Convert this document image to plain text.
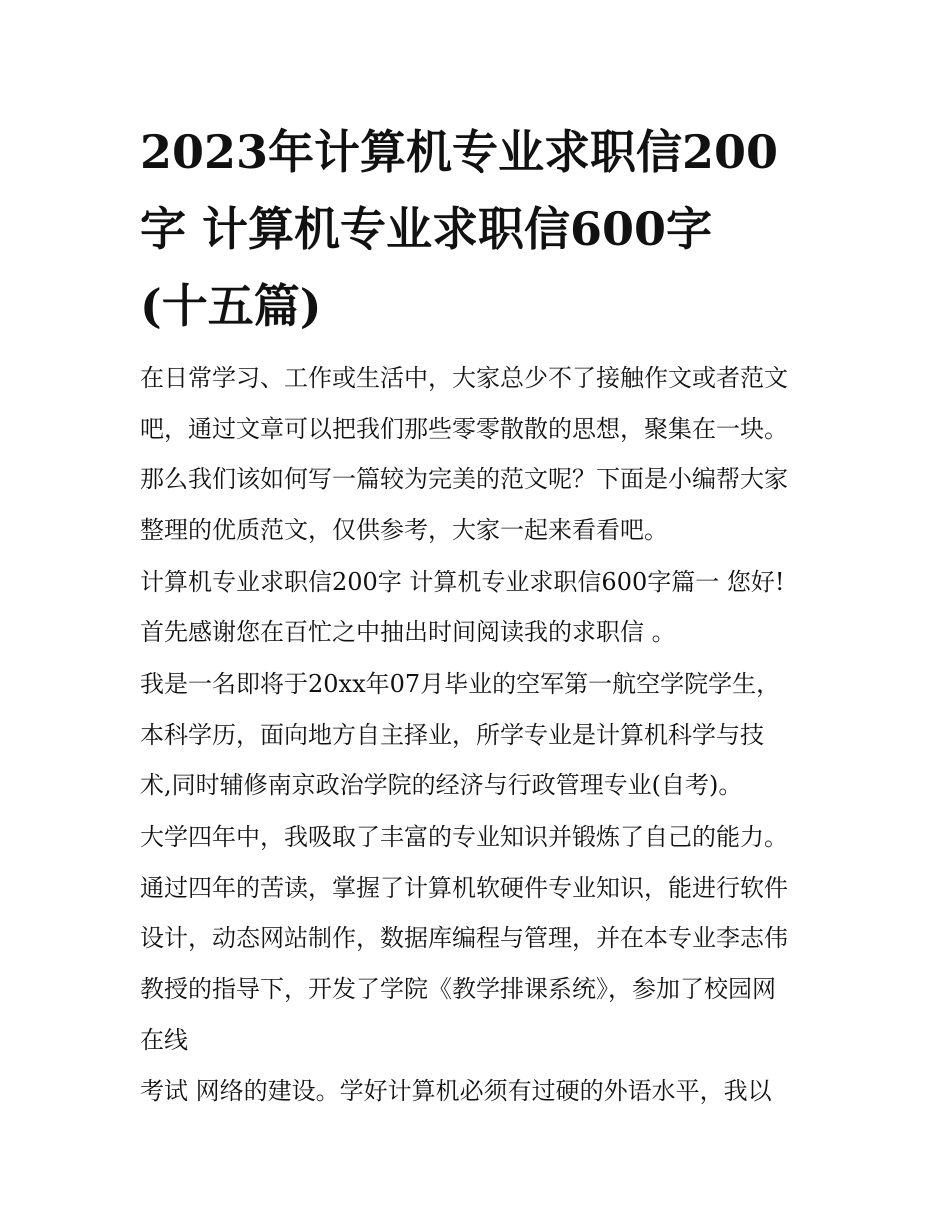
2023年计算机专业求职信200
字 计算机专业求职信600字
(十五篇)

在日常学习、工作或生活中，大家总少不了接触作文或者范文

吧，通过文章可以把我们那些零零散散的思想，聚集在一块。

那么我们该如何写一篇较为完美的范文呢？下面是小编帮大家

整理的优质范文，仅供参考，大家一起来看看吧。

计算机专业求职信200字 计算机专业求职信600字篇一 您好!

首先感谢您在百忙之中抽出时间阅读我的求职信 。

我是一名即将于20xx年07月毕业的空军第一航空学院学生，

本科学历，面向地方自主择业，所学专业是计算机科学与技

术,同时辅修南京政治学院的经济与行政管理专业(自考)。

大学四年中，我吸取了丰富的专业知识并锻炼了自己的能力。

通过四年的苦读，掌握了计算机软硬件专业知识，能进行软件

设计，动态网站制作，数据库编程与管理，并在本专业李志伟

教授的指导下，开发了学院《教学排课系统》，参加了校园网

在线

考试 网络的建设。学好计算机必须有过硬的外语水平，我以
